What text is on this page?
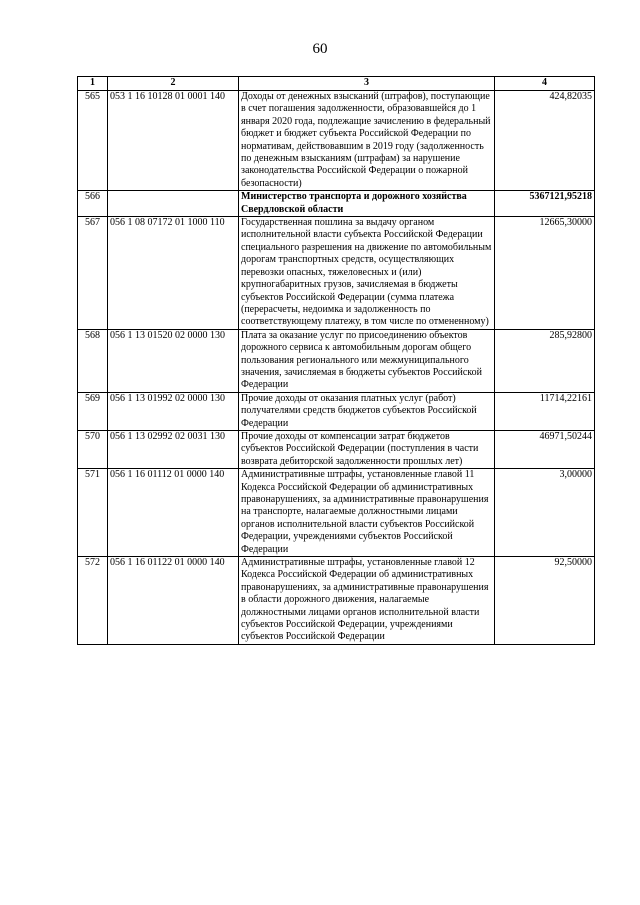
60
1	2	3	4
565	053 1 16 10128 01 0001 140	Доходы от денежных взысканий (штрафов), поступающие в счет погашения задолженности, образовавшейся до 1 января 2020 года, подлежащие зачислению в федеральный бюджет и бюджет субъекта Российской Федерации по нормативам, действовавшим в 2019 году (задолженность по денежным взысканиям (штрафам) за нарушение законодательства Российской Федерации о пожарной безопасности)	424,82035
566		Министерство транспорта и дорожного хозяйства Свердловской области	5367121,95218
567	056 1 08 07172 01 1000 110	Государственная пошлина за выдачу органом исполнительной власти субъекта Российской Федерации специального разрешения на движение по автомобильным дорогам транспортных средств, осуществляющих перевозки опасных, тяжеловесных и (или) крупногабаритных грузов, зачисляемая в бюджеты субъектов Российской Федерации (сумма платежа (перерасчеты, недоимка и задолженность по соответствующему платежу, в том числе по отмененному)	12665,30000
568	056 1 13 01520 02 0000 130	Плата за оказание услуг по присоединению объектов дорожного сервиса к автомобильным дорогам общего пользования регионального или межмуниципального значения, зачисляемая в бюджеты субъектов Российской Федерации	285,92800
569	056 1 13 01992 02 0000 130	Прочие доходы от оказания платных услуг (работ) получателями средств бюджетов субъектов Российской Федерации	11714,22161
570	056 1 13 02992 02 0031 130	Прочие доходы от компенсации затрат бюджетов субъектов Российской Федерации (поступления в части возврата дебиторской задолженности прошлых лет)	46971,50244
571	056 1 16 01112 01 0000 140	Административные штрафы, установленные главой 11 Кодекса Российской Федерации об административных правонарушениях, за административные правонарушения на транспорте, налагаемые должностными лицами органов исполнительной власти субъектов Российской Федерации, учреждениями субъектов Российской Федерации	3,00000
572	056 1 16 01122 01 0000 140	Административные штрафы, установленные главой 12 Кодекса Российской Федерации об административных правонарушениях, за административные правонарушения в области дорожного движения, налагаемые должностными лицами органов исполнительной власти субъектов Российской Федерации, учреждениями субъектов Российской Федерации	92,50000
